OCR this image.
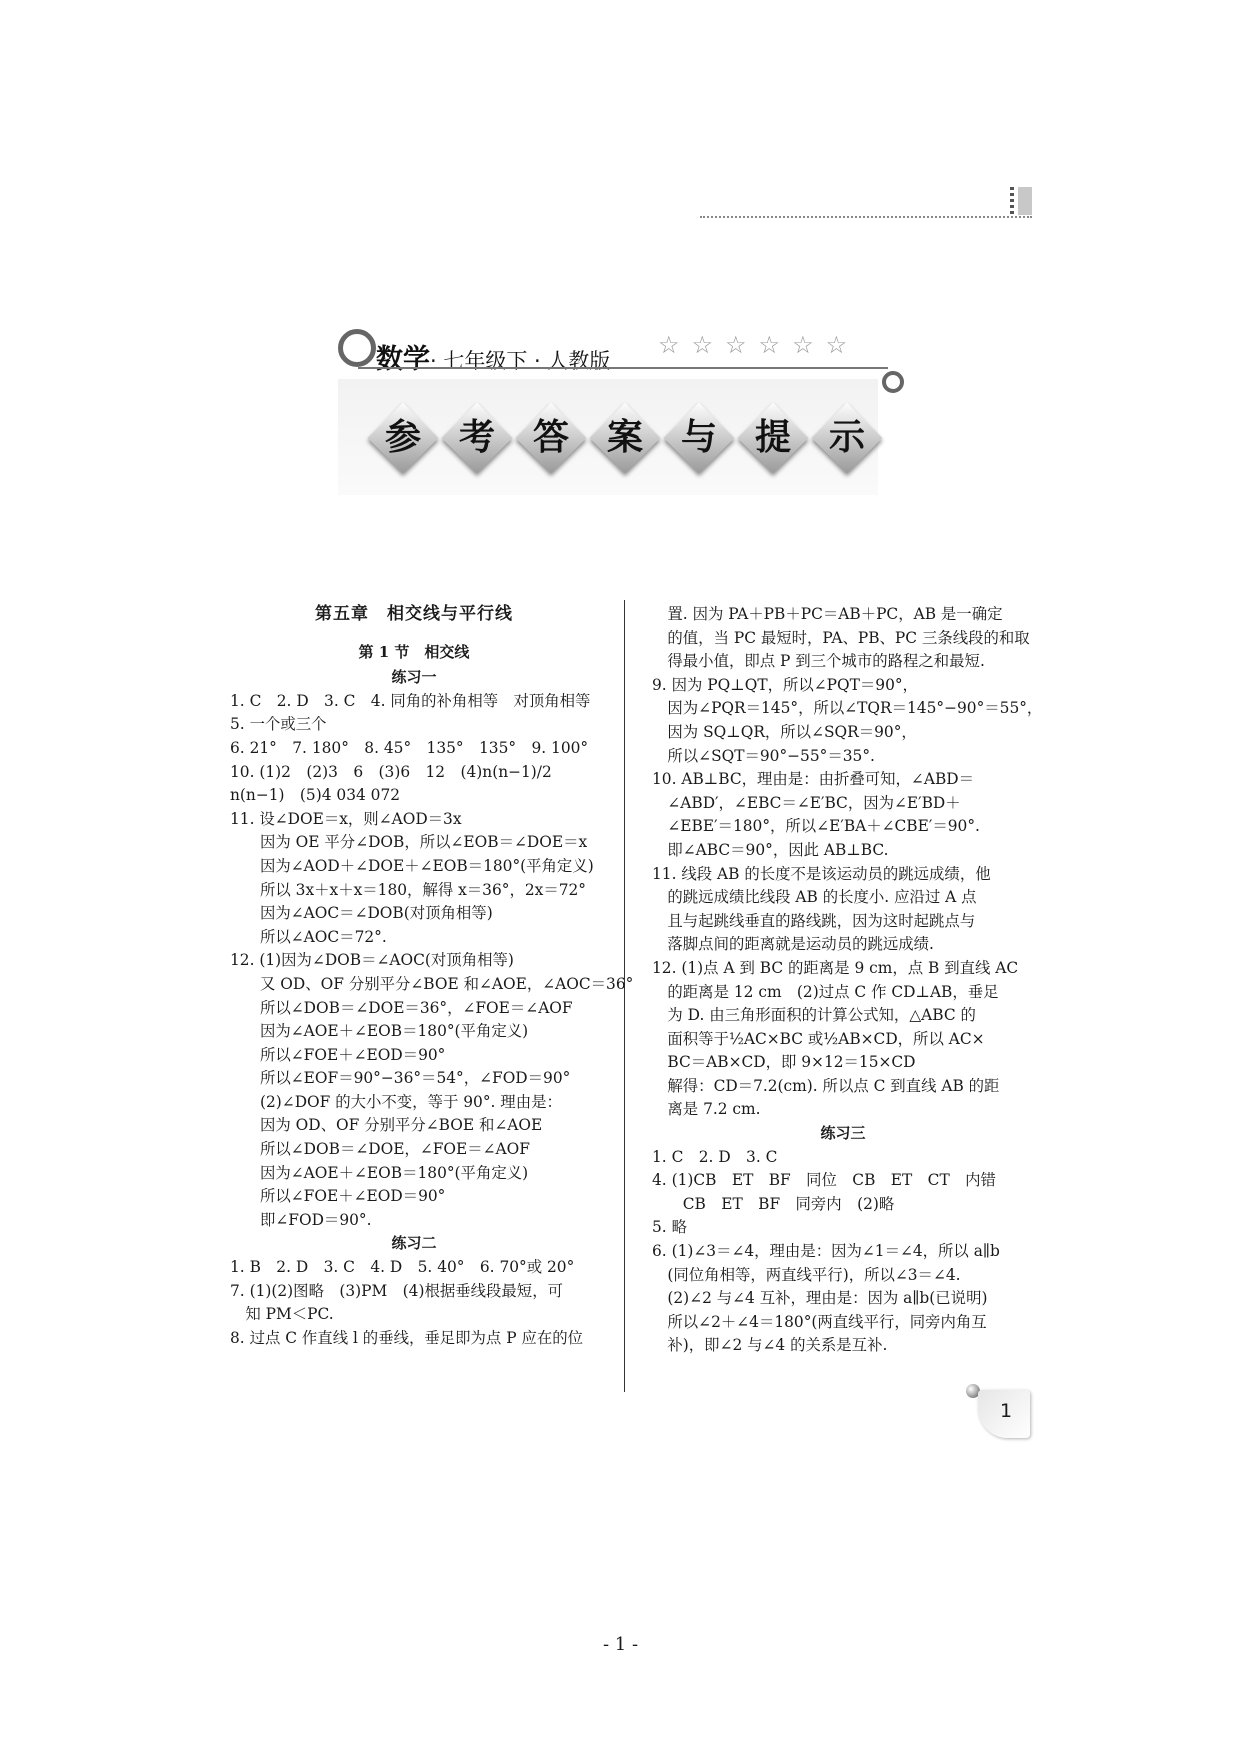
数学· 七年级下 · 人教版
☆ ☆ ☆ ☆ ☆ ☆
参	考	答	案	与	提	示
第五章　相交线与平行线
第 1 节　相交线
练习一
1. C　2. D　3. C　4. 同角的补角相等　对顶角相等
5. 一个或三个
6. 21°　7. 180°　8. 45°　135°　135°　9. 100°
10. (1)2　(2)3　6　(3)6　12　(4)n(n−1)/2
n(n−1)　(5)4 034 072
11. 设∠DOE＝x，则∠AOD＝3x
因为 OE 平分∠DOB，所以∠EOB＝∠DOE＝x
因为∠AOD＋∠DOE＋∠EOB＝180°(平角定义)
所以 3x＋x＋x＝180，解得 x＝36°，2x＝72°
因为∠AOC＝∠DOB(对顶角相等)
所以∠AOC＝72°.
12. (1)因为∠DOB＝∠AOC(对顶角相等)
又 OD、OF 分别平分∠BOE 和∠AOE，∠AOC＝36°
所以∠DOB＝∠DOE＝36°，∠FOE＝∠AOF
因为∠AOE＋∠EOB＝180°(平角定义)
所以∠FOE＋∠EOD＝90°
所以∠EOF＝90°−36°＝54°，∠FOD＝90°
(2)∠DOF 的大小不变，等于 90°. 理由是：
因为 OD、OF 分别平分∠BOE 和∠AOE
所以∠DOB＝∠DOE，∠FOE＝∠AOF
因为∠AOE＋∠EOB＝180°(平角定义)
所以∠FOE＋∠EOD＝90°
即∠FOD＝90°.
练习二
1. B　2. D　3. C　4. D　5. 40°　6. 70°或 20°
7. (1)(2)图略　(3)PM　(4)根据垂线段最短，可
　知 PM＜PC.
8. 过点 C 作直线 l 的垂线，垂足即为点 P 应在的位
　置. 因为 PA＋PB＋PC＝AB＋PC，AB 是一确定
　的值，当 PC 最短时，PA、PB、PC 三条线段的和取
　得最小值，即点 P 到三个城市的路程之和最短.
9. 因为 PQ⊥QT，所以∠PQT＝90°，
　因为∠PQR＝145°，所以∠TQR＝145°−90°＝55°，
　因为 SQ⊥QR，所以∠SQR＝90°，
　所以∠SQT＝90°−55°＝35°.
10. AB⊥BC，理由是：由折叠可知，∠ABD＝
　∠ABD′，∠EBC＝∠E′BC，因为∠E′BD＋
　∠EBE′＝180°，所以∠E′BA＋∠CBE′＝90°.
　即∠ABC＝90°，因此 AB⊥BC.
11. 线段 AB 的长度不是该运动员的跳远成绩，他
　的跳远成绩比线段 AB 的长度小. 应沿过 A 点
　且与起跳线垂直的路线跳，因为这时起跳点与
　落脚点间的距离就是运动员的跳远成绩.
12. (1)点 A 到 BC 的距离是 9 cm，点 B 到直线 AC
　的距离是 12 cm　(2)过点 C 作 CD⊥AB，垂足
　为 D. 由三角形面积的计算公式知，△ABC 的
　面积等于½AC×BC 或½AB×CD，所以 AC×
　BC＝AB×CD，即 9×12＝15×CD
　解得：CD＝7.2(cm). 所以点 C 到直线 AB 的距
　离是 7.2 cm.
练习三
1. C　2. D　3. C
4. (1)CB　ET　BF　同位　CB　ET　CT　内错
　　CB　ET　BF　同旁内　(2)略
5. 略
6. (1)∠3＝∠4，理由是：因为∠1＝∠4，所以 a∥b
　(同位角相等，两直线平行)，所以∠3＝∠4.
　(2)∠2 与∠4 互补，理由是：因为 a∥b(已说明)
　所以∠2＋∠4＝180°(两直线平行，同旁内角互
　补)，即∠2 与∠4 的关系是互补.
1
- 1 -
